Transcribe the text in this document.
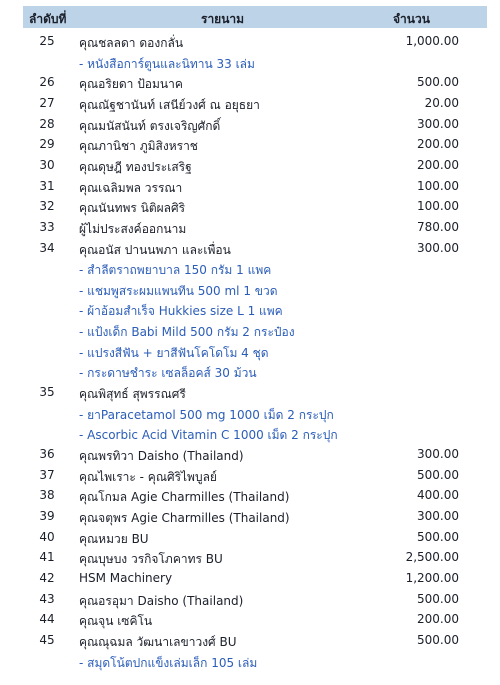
ลำดับที่	รายนาม	จำนวน
25	คุณชลลดา ดองกลั่น	1,000.00
- หนังสือการ์ตูนและนิทาน 33 เล่ม
26	คุณอริยดา ป้อมนาค	500.00
27	คุณณัฐชานันท์ เสนีย์วงศ์ ณ อยุธยา	20.00
28	คุณมนัสนันท์ ตรงเจริญศักดิ์	300.00
29	คุณภานิชา ภูมิสิงหราช	200.00
30	คุณดุษฎี ทองประเสริฐ	200.00
31	คุณเฉลิมพล วรรณา	100.00
32	คุณนันทพร นิติผลศิริ	100.00
33	ผู้ไม่ประสงค์ออกนาม	780.00
34	คุณอนัส ปานนพภา และเพื่อน	300.00
- สำลีตราถพยาบาล 150 กรัม 1 แพค
- แชมพูสระผมแพนทีน 500 ml 1 ขวด
- ผ้าอ้อมสำเร็จ Hukkies size L 1 แพค
- แป้งเด็ก Babi Mild 500 กรัม 2 กระป๋อง
- แปรงสีฟัน + ยาสีฟันโคโดโม 4 ชุด
- กระดาษชำระ เซลล็อคส์ 30 ม้วน
35	คุณพิสุทธ์ สุพรรณศรี
- ยาParacetamol 500 mg 1000 เม็ด 2 กระปุก
- Ascorbic Acid Vitamin C 1000 เม็ด 2 กระปุก
36	คุณพรทิวา Daisho (Thailand)	300.00
37	คุณไพเราะ - คุณศิริไพบูลย์	500.00
38	คุณโกมล Agie Charmilles (Thailand)	400.00
39	คุณจตุพร Agie Charmilles (Thailand)	300.00
40	คุณหมวย BU	500.00
41	คุณบุษบง วรกิจโภคาทร BU	2,500.00
42	HSM Machinery	1,200.00
43	คุณอรอุมา Daisho (Thailand)	500.00
44	คุณจุน เซคิโน	200.00
45	คุณณุฉมล วัฒนาเลขาวงศ์ BU	500.00
- สมุดโน้ตปกแข็งเล่มเล็ก 105 เล่ม
